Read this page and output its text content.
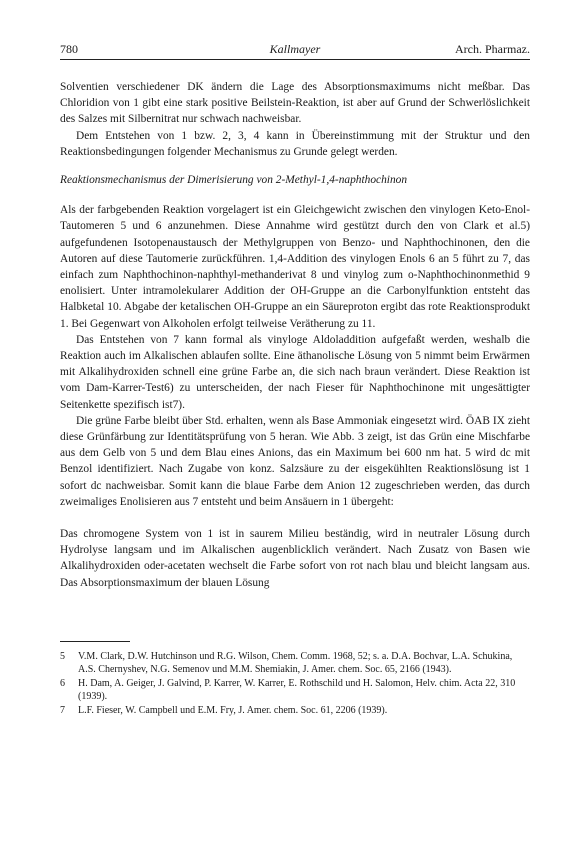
780	Kallmayer	Arch. Pharmaz.

Solventien verschiedener DK ändern die Lage des Absorptionsmaximums nicht meßbar. Das Chloridion von 1 gibt eine stark positive Beilstein-Reaktion, ist aber auf Grund der Schwerlöslichkeit des Salzes mit Silbernitrat nur schwach nachweisbar.

Dem Entstehen von 1 bzw. 2, 3, 4 kann in Übereinstimmung mit der Struktur und den Reaktionsbedingungen folgender Mechanismus zu Grunde gelegt werden.

Reaktionsmechanismus der Dimerisierung von 2-Methyl-1,4-naphthochinon

Als der farbgebenden Reaktion vorgelagert ist ein Gleichgewicht zwischen den vinylogen Keto-Enol-Tautomeren 5 und 6 anzunehmen. Diese Annahme wird gestützt durch den von Clark et al.5) aufgefundenen Isotopenaustausch der Methylgruppen von Benzo- und Naphthochinonen, den die Autoren auf diese Tautomerie zurückführen. 1,4-Addition des vinylogen Enols 6 an 5 führt zu 7, das einfach zum Naphthochinon-naphthyl-methanderivat 8 und vinylog zum o-Naphthochinonmethid 9 enolisiert. Unter intramolekularer Addition der OH-Gruppe an die Carbonylfunktion entsteht das Halbketal 10. Abgabe der ketalischen OH-Gruppe an ein Säureproton ergibt das rote Reaktionsprodukt 1. Bei Gegenwart von Alkoholen erfolgt teilweise Verätherung zu 11.

Das Entstehen von 7 kann formal als vinyloge Aldoladdition aufgefaßt werden, weshalb die Reaktion auch im Alkalischen ablaufen sollte. Eine äthanolische Lösung von 5 nimmt beim Erwärmen mit Alkalihydroxiden schnell eine grüne Farbe an, die sich nach braun verändert. Diese Reaktion ist vom Dam-Karrer-Test6) zu unterscheiden, der nach Fieser für Naphthochinone mit ungesättigter Seitenkette spezifisch ist7).

Die grüne Farbe bleibt über Std. erhalten, wenn als Base Ammoniak eingesetzt wird. ÖAB IX zieht diese Grünfärbung zur Identitätsprüfung von 5 heran. Wie Abb. 3 zeigt, ist das Grün eine Mischfarbe aus dem Gelb von 5 und dem Blau eines Anions, das ein Maximum bei 600 nm hat. 5 wird dc mit Benzol identifiziert. Nach Zugabe von konz. Salzsäure zu der eisgekühlten Reaktionslösung ist 1 sofort dc nachweisbar. Somit kann die blaue Farbe dem Anion 12 zugeschrieben werden, das durch zweimaliges Enolisieren aus 7 entsteht und beim Ansäuern in 1 übergeht:

Das chromogene System von 1 ist in saurem Milieu beständig, wird in neutraler Lösung durch Hydrolyse langsam und im Alkalischen augenblicklich verändert. Nach Zusatz von Basen wie Alkalihydroxiden oder-acetaten wechselt die Farbe sofort von rot nach blau und bleicht langsam aus. Das Absorptionsmaximum der blauen Lösung

5	V.M. Clark, D.W. Hutchinson und R.G. Wilson, Chem. Comm. 1968, 52; s. a. D.A. Bochvar, L.A. Schukina, A.S. Chernyshev, N.G. Semenov und M.M. Shemiakin, J. Amer. chem. Soc. 65, 2166 (1943).
6	H. Dam, A. Geiger, J. Galvind, P. Karrer, W. Karrer, E. Rothschild und H. Salomon, Helv. chim. Acta 22, 310 (1939).
7	L.F. Fieser, W. Campbell und E.M. Fry, J. Amer. chem. Soc. 61, 2206 (1939).
